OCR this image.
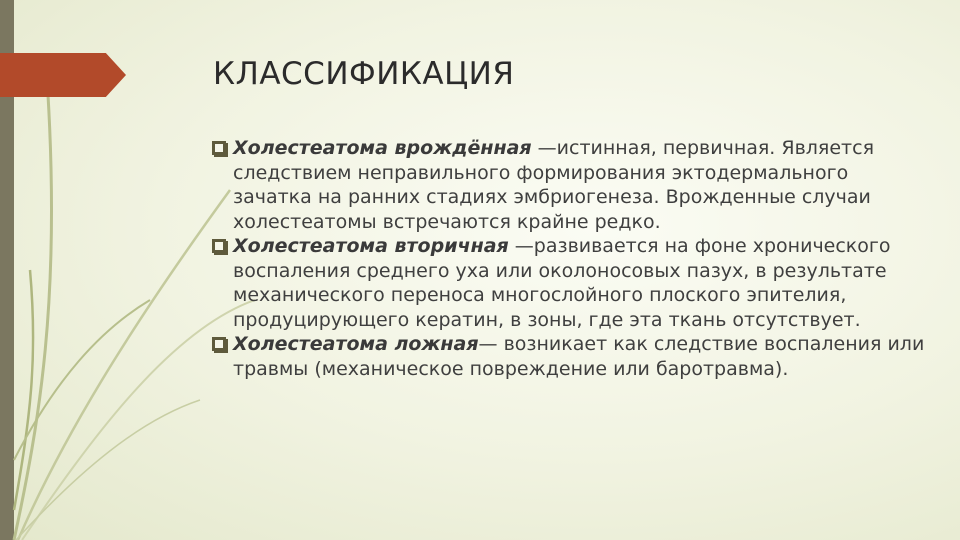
КЛАССИФИКАЦИЯ
Холестеатома врождённая —истинная, первичная. Является следствием неправильного формирования эктодермального зачатка на ранних стадиях эмбриогенеза. Врожденные случаи холестеатомы встречаются крайне редко.
Холестеатома вторичная —развивается на фоне хронического воспаления среднего уха или околоносовых пазух, в результате механического переноса многослойного плоского эпителия, продуцирующего кератин, в зоны, где эта ткань отсутствует.
Холестеатома ложная— возникает как следствие воспаления или травмы (механическое повреждение или баротравма).
